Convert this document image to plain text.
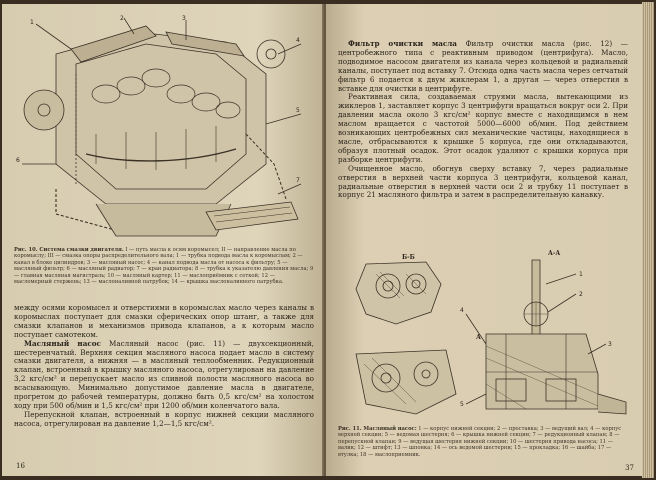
1
2	3
4
5
6
7
Рис. 10. Система смазки двигателя. I — путь масла к осям коромысел; II — направление масла по коромыслу; III — смазка опоры распределительного вала; 1 — трубка подвода масла к коромыслам; 2 — канал в блоке цилиндров; 3 — масляный насос; 4 — канал подвода масла от насоса к фильтру; 5 — масляный фильтр; 6 — масляный радиатор; 7 — кран радиатора; 8 — трубка к указателю давления масла; 9 — главная масляная магистраль; 10 — масляный картер; 11 — маслоприёмник с сеткой; 12 — масломерный стержень; 13 — маслоналивной патрубок; 14 — крышка маслоналивного патрубка.

между осями коромысел и отверстиями в коромыслах масло через каналы в коромыслах поступает для смазки сферических опор штанг, а также для смазки клапанов и механизмов привода клапанов, а к которым масло поступает самотеком.

Масляный насос Масляный насос (рис. 11) — двухсекционный, шестеренчатый. Верхняя секция масляного насоса подает масло в систему смазки двигателя, а нижняя — в масляный теплообменник. Редукционный клапан, встроенный в крышку масляного насоса, отрегулирован на давление 3,2 кгс/см² и перепускает масло из сливной полости масляного насоса во всасывающую. Минимально допустимое давление масла в двигателе, прогретом до рабочей температуры, должно быть 0,5 кгс/см² на холостом ходу при 500 об/мин и 1,5 кгс/см² при 1200 об/мин коленчатого вала.

Перепускной клапан, встроенный в корпус нижней секции масляного насоса, отрегулирован на давление 1,2—1,5 кгс/см².

16

Фильтр очистки масла Фильтр очистки масла (рис. 12) — центробежного типа с реактивным приводом (центрифуга). Масло, подводимое насосом двигателя из канала через кольцевой и радиальный каналы, поступает под вставку 7. Отсюда одна часть масла через сетчатый фильтр 6 подается к двум жиклерам 1, а другая — через отверстия в вставке для очистки в центрифуге.

Реактивная сила, создаваемая струями масла, вытекающими из жиклеров 1, заставляет корпус 3 центрифуги вращаться вокруг оси 2. При давлении масла около 3 кгс/см² корпус вместе с находящимся в нем маслом вращается с частотой 5000—6000 об/мин. Под действием возникающих центробежных сил механические частицы, находящиеся в масле, отбрасываются к крышке 5 корпуса, где они откладываются, образуя плотный осадок. Этот осадок удаляют с крышки корпуса при разборке центрифуги.

Очищенное масло, обогнув сверху вставку 7, через радиальные отверстия в верхней части корпуса 3 центрифуги, кольцевой канал, радиальные отверстия в верхней части оси 2 и трубку 11 поступает в корпус 21 масляного фильтра и затем в распределительную канавку.

1
2
3
4
5
Б-Б
А-А
А
Рис. 11. Масляный насос: 1 — корпус нижней секции; 2 — проставка; 3 — ведущий вал; 4 — корпус верхней секции; 5 — ведомая шестерня; 6 — крышка нижней секции; 7 — редукционный клапан; 8 — перепускной клапан; 9 — ведущая шестерня нижней секции; 10 — шестерня привода насоса; 11 — валик; 12 — штифт; 13 — шпонка; 14 — ось ведомой шестерни; 15 — прокладка; 16 — шайба; 17 — втулка; 18 — маслоприемник.
37
